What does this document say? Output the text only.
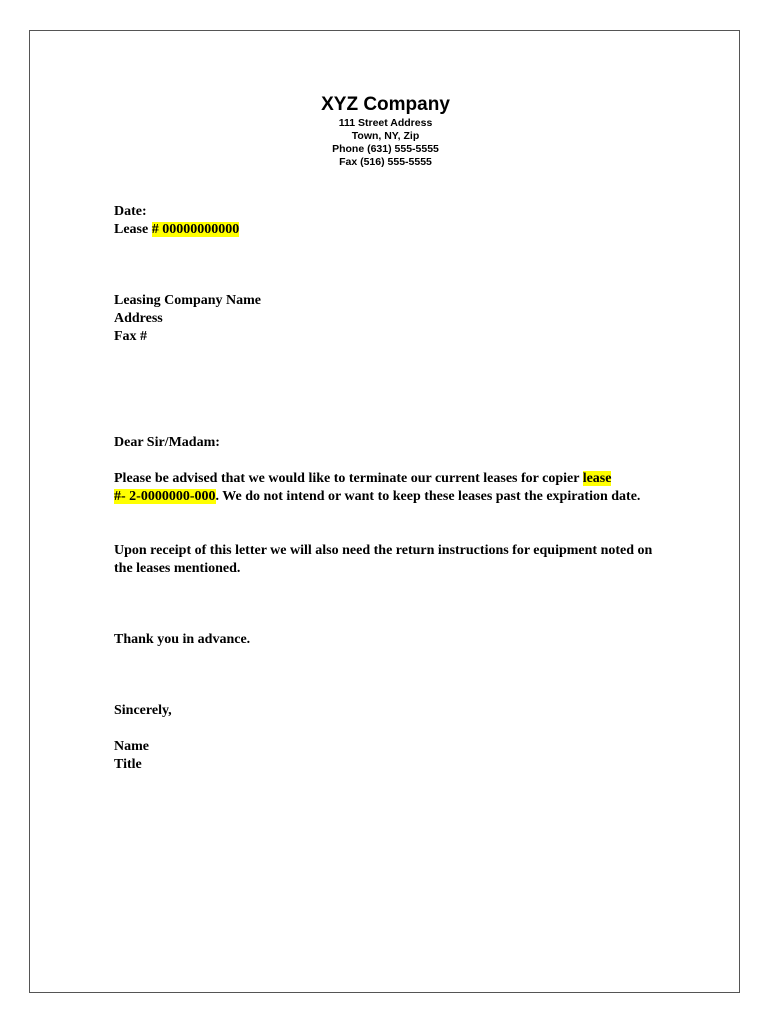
XYZ Company
111 Street Address
Town, NY, Zip
Phone (631) 555-5555
Fax (516) 555-5555

Date:

Lease # 00000000000

Leasing Company Name

Address

Fax #

Dear Sir/Madam:
Please be advised that we would like to terminate our current leases for copier lease
#- 2-0000000-000. We do not intend or want to keep these leases past the expiration date.
Upon receipt of this letter we will also need the return instructions for equipment noted on the leases mentioned.
Thank you in advance.
Sincerely,

Name

Title
